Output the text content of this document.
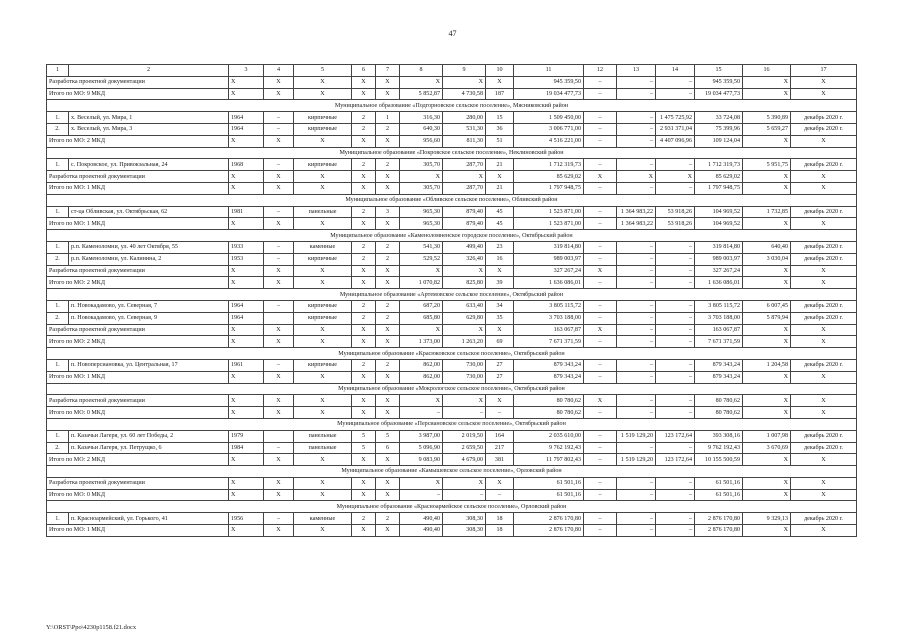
47
1	2	3	4	5	6	7	8	9	10	11	12	13	14	15	16	17
Разработка проектной документации		X	X	X	X	X	X	X	X	945 359,50	–	–	–	945 359,50	X	X
Итого по МО: 9 МКД		X	X	X	X	X	5 852,87	4 730,58	187	19 034 477,73	–	–	–	19 034 477,73	X	X
Муниципальное образование «Подгорновское сельское поселение», Мясниковский район																
1.	х. Веселый, ул. Мира, 1	1964	–	кирпичные	2	1	316,30	280,00	15	1 509 450,00	–	–	1 475 725,92	33 724,08	5 390,89	декабрь 2020 г.
2.	х. Веселый, ул. Мира, 3	1964	–	кирпичные	2	2	640,30	531,30	36	3 006 771,00	–	–	2 931 371,04	75 399,96	5 659,27	декабрь 2020 г.
Итого по МО: 2 МКД		X	X	X	X	X	956,60	811,30	51	4 516 221,00	–	–	4 407 096,96	109 124,04	X	X
Муниципальное образование «Покровское сельское поселение», Неклиновский район																
1.	с. Покровское, ул. Привокзальная, 24	1968	–	кирпичные	2	2	305,70	287,70	21	1 712 319,73	–	–	–	1 712 319,73	5 951,75	декабрь 2020 г.
Разработка проектной документации		X	X	X	X	X	X	X	X	85 629,02	X	X	X	85 629,02	X	X
Итого по МО: 1 МКД		X	X	X	X	X	305,70	287,70	21	1 797 948,75	–	–	–	1 797 948,75	X	X
Муниципальное образование «Обливское сельское поселение», Обливский район																
1.	ст-ца Обливская, ул. Октябрьская, 62	1981	–	панельные	2	3	965,30	879,40	45	1 523 871,00	–	1 364 983,22	53 918,26	104 969,52	1 732,85	декабрь 2020 г.
Итого по МО: 1 МКД		X	X	X	X	X	965,30	879,40	45	1 523 871,00	–	1 364 983,22	53 918,26	104 969,52	X	X
Муниципальное образование «Каменоломненское городское поселение», Октябрьский район																
1.	р.п. Каменоломни, ул. 40 лет Октября, 55	1933	–	каменные	2	2	541,30	499,40	23	319 814,80	–	–	–	319 814,80	640,40	декабрь 2020 г.
2.	р.п. Каменоломни, ул. Калинина, 2	1953	–	кирпичные	2	2	529,52	326,40	16	989 003,97	–	–	–	989 003,97	3 030,04	декабрь 2020 г.
Разработка проектной документации		X	X	X	X	X	X	X	X	327 267,24	X	–	–	327 267,24	X	X
Итого по МО: 2 МКД		X	X	X	X	X	1 070,82	825,80	39	1 636 086,01	–	–	–	1 636 086,01	X	X
Муниципальное образование «Артемовское сельское поселение», Октябрьский район																
1.	п. Новокадамово, ул. Северная, 7	1964	–	кирпичные	2	2	687,20	633,40	34	3 805 115,72	–	–	–	3 805 115,72	6 007,45	декабрь 2020 г.
2.	п. Новокадамово, ул. Северная, 9	1964		кирпичные	2	2	685,80	629,80	35	3 703 188,00	–	–	–	3 703 188,00	5 879,94	декабрь 2020 г.
Разработка проектной документации		X	X	X	X	X	X	X	X	163 067,87	X	–	–	163 067,87	X	X
Итого по МО: 2 МКД		X	X	X	X	X	1 373,00	1 263,20	69	7 671 371,59	–	–	–	7 671 371,59	X	X
Муниципальное образование «Красюковское сельское поселение», Октябрьский район																
1.	п. Новоперсиановка, ул. Центральная, 17	1961	–	кирпичные	2	2	862,00	730,00	27	879 343,24	–	–	–	879 343,24	1 204,58	декабрь 2020 г.
Итого по МО: 1 МКД		X	X	X	X	X	862,00	730,00	27	879 343,24	–	–	–	879 343,24	X	X
Муниципальное образование «Мокрологское сельское поселение», Октябрьский район																
Разработка проектной документации		X	X	X	X	X	X	X	X	80 780,62	X	–	–	80 780,62	X	X
Итого по МО: 0 МКД		X	X	X	X	X	–	–	–	80 780,62	–	–	–	80 780,62	X	X
Муниципальное образование «Персиановское сельское поселение», Октябрьский район																
1.	п. Казачьи Лагеря, ул. 60 лет Победы, 2	1979		панельные	5	5	3 987,00	2 019,50	164	2 035 610,00	–	1 519 129,20	123 172,64	393 308,16	1 007,98	декабрь 2020 г.
2.	п. Казачьи Лагеря, ул. Петрущко, 6	1984	–	панельные	5	6	5 096,90	2 659,50	217	9 762 192,43	–	–	–	9 762 192,43	3 670,69	декабрь 2020 г.
Итого по МО: 2 МКД		X	X	X	X	X	9 083,90	4 679,00	381	11 797 802,43	–	1 519 129,20	123 172,64	10 155 500,59	X	X
Муниципальное образование «Камышевское сельское поселение», Орловский район																
Разработка проектной документации		X	X	X	X	X	X	X	X	61 501,16	–	–	–	61 501,16	X	X
Итого по МО: 0 МКД		X	X	X	X	X	–	–	–	61 501,16	–	–	–	61 501,16	X	X
Муниципальное образование «Красноармейское сельское поселение», Орловский район																
1.	п. Красноармейский, ул. Горького, 41	1956	–	каменные	2	2	490,40	308,30	18	2 876 170,80	–	–	–	2 876 170,80	9 329,13	декабрь 2020 г.
Итого по МО: 1 МКД		X	X	X	X	X	490,40	308,30	18	2 876 170,80	–	–	–	2 876 170,80	X	X
Y:\ORST\Ppo\4230p1158.f21.docx
